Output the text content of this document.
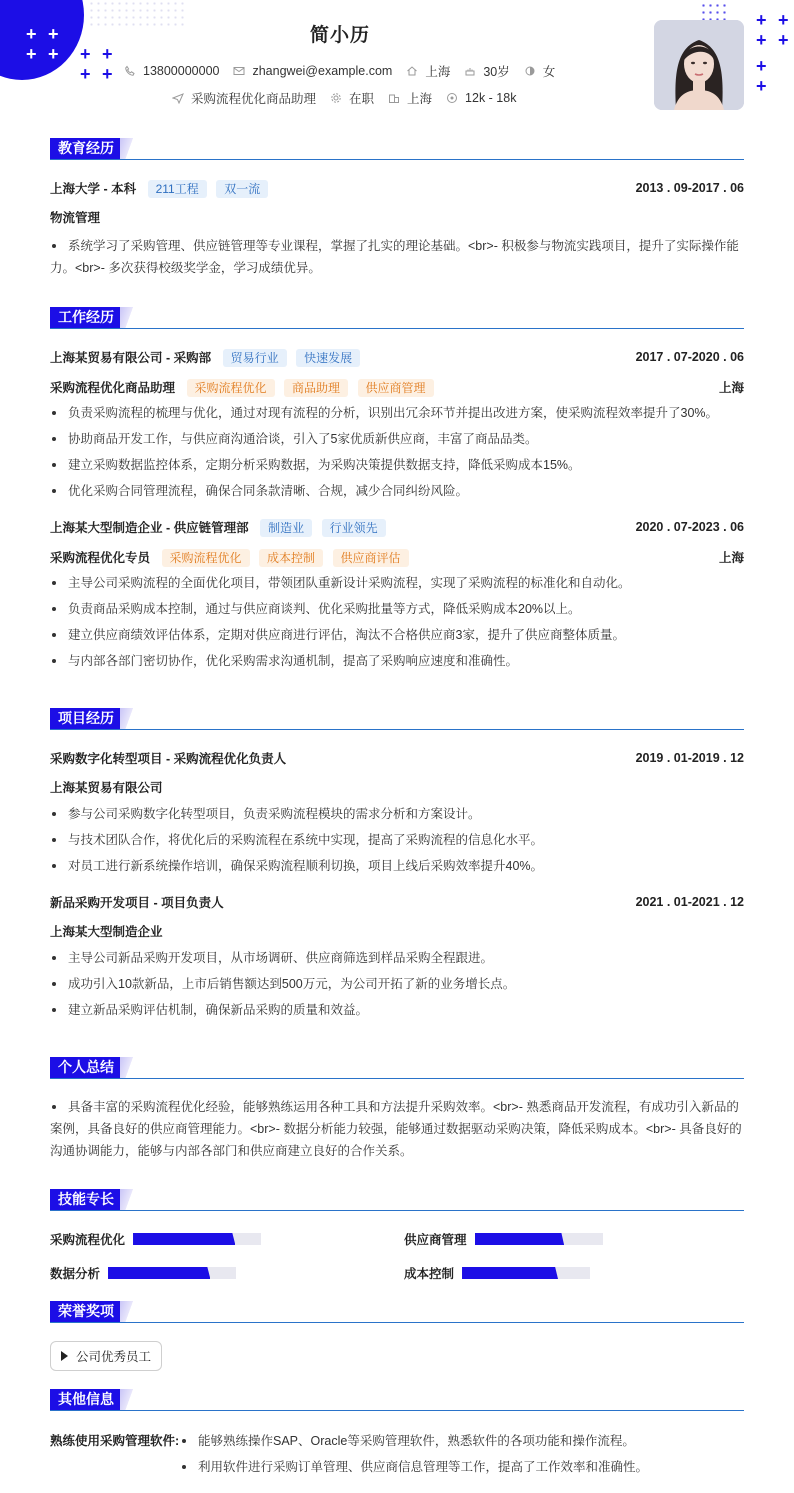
+ +
+ +	+ +
+ +
+ +
+ +
+
+
简小历
13800000000	zhangwei@example.com	上海	30岁	女
采购流程优化商品助理	在职	上海	12k - 18k
教育经历
上海大学 - 本科 211工程 双一流	2013 . 09-2017 . 06
物流管理
系统学习了采购管理、供应链管理等专业课程，掌握了扎实的理论基础。<br>- 积极参与物流实践项目，提升了实际操作能力。<br>- 多次获得校级奖学金，学习成绩优异。
工作经历
上海某贸易有限公司 - 采购部 贸易行业 快速发展	2017 . 07-2020 . 06
采购流程优化商品助理 采购流程优化 商品助理 供应商管理	上海
负责采购流程的梳理与优化，通过对现有流程的分析，识别出冗余环节并提出改进方案，使采购流程效率提升了30%。
协助商品开发工作，与供应商沟通洽谈，引入了5家优质新供应商，丰富了商品品类。
建立采购数据监控体系，定期分析采购数据，为采购决策提供数据支持，降低采购成本15%。
优化采购合同管理流程，确保合同条款清晰、合规，减少合同纠纷风险。
上海某大型制造企业 - 供应链管理部 制造业 行业领先	2020 . 07-2023 . 06
采购流程优化专员 采购流程优化 成本控制 供应商评估	上海
主导公司采购流程的全面优化项目，带领团队重新设计采购流程，实现了采购流程的标准化和自动化。
负责商品采购成本控制，通过与供应商谈判、优化采购批量等方式，降低采购成本20%以上。
建立供应商绩效评估体系，定期对供应商进行评估，淘汰不合格供应商3家，提升了供应商整体质量。
与内部各部门密切协作，优化采购需求沟通机制，提高了采购响应速度和准确性。
项目经历
采购数字化转型项目 - 采购流程优化负责人	2019 . 01-2019 . 12
上海某贸易有限公司
参与公司采购数字化转型项目，负责采购流程模块的需求分析和方案设计。
与技术团队合作，将优化后的采购流程在系统中实现，提高了采购流程的信息化水平。
对员工进行新系统操作培训，确保采购流程顺利切换，项目上线后采购效率提升40%。
新品采购开发项目 - 项目负责人	2021 . 01-2021 . 12
上海某大型制造企业
主导公司新品采购开发项目，从市场调研、供应商筛选到样品采购全程跟进。
成功引入10款新品，上市后销售额达到500万元，为公司开拓了新的业务增长点。
建立新品采购评估机制，确保新品采购的质量和效益。
个人总结
具备丰富的采购流程优化经验，能够熟练运用各种工具和方法提升采购效率。<br>- 熟悉商品开发流程，有成功引入新品的案例，具备良好的供应商管理能力。<br>- 数据分析能力较强，能够通过数据驱动采购决策，降低采购成本。<br>- 具备良好的沟通协调能力，能够与内部各部门和供应商建立良好的合作关系。
技能专长
采购流程优化	供应商管理
数据分析	成本控制
荣誉奖项
公司优秀员工
其他信息
熟练使用采购管理软件:	能够熟练操作SAP、Oracle等采购管理软件，熟悉软件的各项功能和操作流程。
利用软件进行采购订单管理、供应商信息管理等工作，提高了工作效率和准确性。
